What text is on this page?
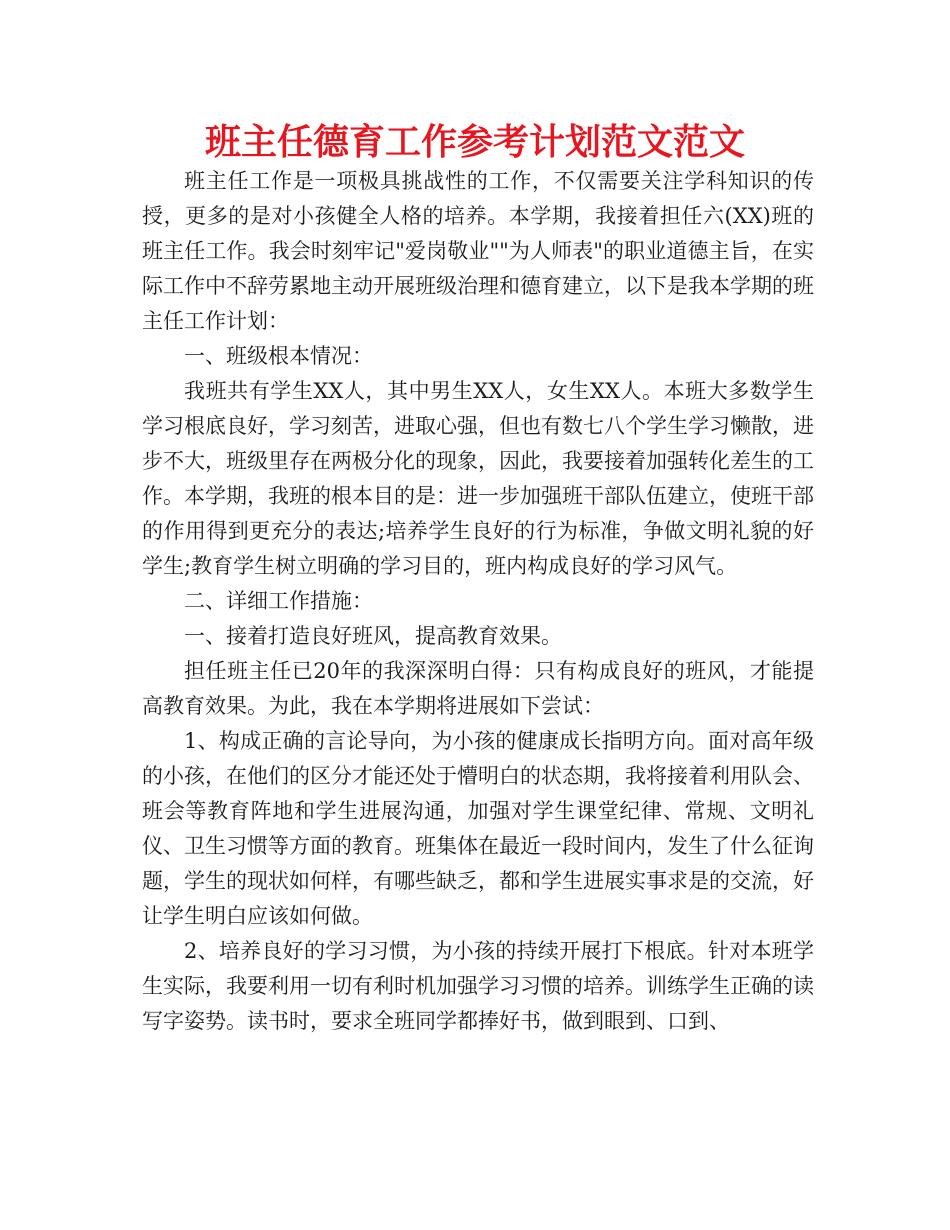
班主任德育工作参考计划范文范文

班主任工作是一项极具挑战性的工作，不仅需要关注学科知识的传授，更多的是对小孩健全人格的培养。本学期，我接着担任六(XX)班的班主任工作。我会时刻牢记"爱岗敬业""为人师表"的职业道德主旨，在实际工作中不辞劳累地主动开展班级治理和德育建立，以下是我本学期的班主任工作计划：

一、班级根本情况：

我班共有学生XX人，其中男生XX人，女生XX人。本班大多数学生学习根底良好，学习刻苦，进取心强，但也有数七八个学生学习懒散，进步不大，班级里存在两极分化的现象，因此，我要接着加强转化差生的工作。本学期，我班的根本目的是：进一步加强班干部队伍建立，使班干部的作用得到更充分的表达;培养学生良好的行为标准，争做文明礼貌的好学生;教育学生树立明确的学习目的，班内构成良好的学习风气。

二、详细工作措施：

一、接着打造良好班风，提高教育效果。

担任班主任已20年的我深深明白得：只有构成良好的班风，才能提高教育效果。为此，我在本学期将进展如下尝试：

1、构成正确的言论导向，为小孩的健康成长指明方向。面对高年级的小孩，在他们的区分才能还处于懵明白的状态期，我将接着利用队会、班会等教育阵地和学生进展沟通，加强对学生课堂纪律、常规、文明礼仪、卫生习惯等方面的教育。班集体在最近一段时间内，发生了什么征询题，学生的现状如何样，有哪些缺乏，都和学生进展实事求是的交流，好让学生明白应该如何做。

2、培养良好的学习习惯，为小孩的持续开展打下根底。针对本班学生实际，我要利用一切有利时机加强学习习惯的培养。训练学生正确的读写字姿势。读书时，要求全班同学都捧好书，做到眼到、口到、
